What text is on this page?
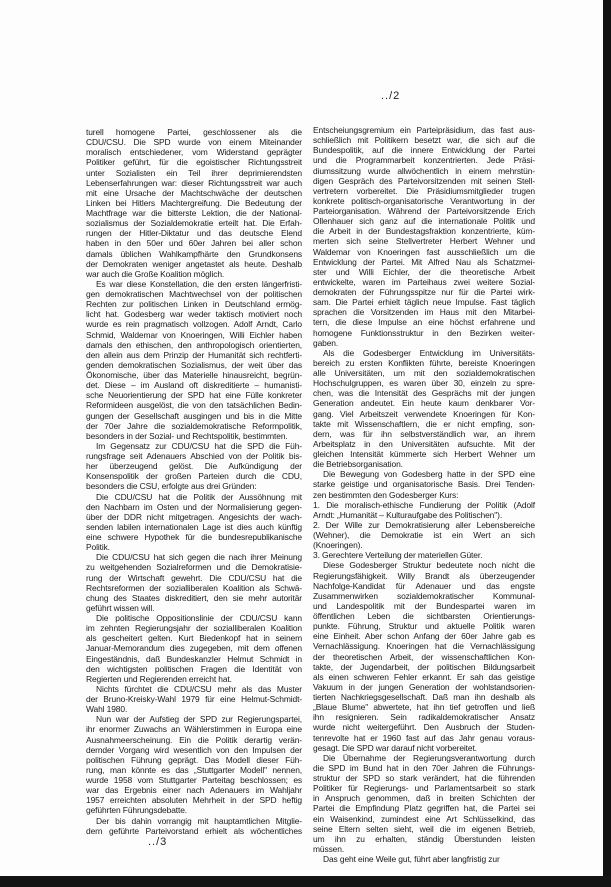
../2
turell homogene Partei, geschlossener als die
CDU/CSU. Die SPD wurde von einem Miteinander
moralisch entschiedener, vom Widerstand geprägter
Politiker geführt, für die egoistischer Richtungsstreit
unter Sozialisten ein Teil ihrer deprimierendsten
Lebenserfahrungen war: dieser Richtungsstreit war auch
mit eine Ursache der Machtschwäche der deutschen
Linken bei Hitlers Machtergreifung. Die Bedeutung der
Machtfrage war die bitterste Lektion, die der National-
sozialismus der Sozialdemokratie erteilt hat. Die Erfah-
rungen der Hitler-Diktatur und das deutsche Elend
haben in den 50er und 60er Jahren bei aller schon
damals üblichen Wahlkampfhärte den Grundkonsens
der Demokraten weniger angetastet als heute. Deshalb
war auch die Große Koalition möglich.
Es war diese Konstellation, die den ersten längerfristi-
gen demokratischen Machtwechsel von der politischen
Rechten zur politischen Linken in Deutschland ermög-
licht hat. Godesberg war weder taktisch motiviert noch
wurde es rein pragmatisch vollzogen. Adolf Arndt, Carlo
Schmid, Waldemar von Knoeringen, Willi Eichler haben
damals den ethischen, den anthropologisch orientierten,
den allein aus dem Prinzip der Humanität sich rechtferti-
genden demokratischen Sozialismus, der weit über das
Ökonomische, über das Materielle hinausreicht, begrün-
det. Diese – im Ausland oft diskreditierte – humanisti-
sche Neuorientierung der SPD hat eine Fülle konkreter
Reformideen ausgelöst, die von den tatsächlichen Bedin-
gungen der Gesellschaft ausgingen und bis in die Mitte
der 70er Jahre die sozialdemokratische Reformpolitik,
besonders in der Sozial- und Rechtspolitik, bestimmten.
Im Gegensatz zur CDU/CSU hat die SPD die Füh-
rungsfrage seit Adenauers Abschied von der Politik bis-
her überzeugend gelöst. Die Aufkündigung der
Konsenspolitik der großen Parteien durch die CDU,
besonders die CSU, erfolgte aus drei Gründen:
Die CDU/CSU hat die Politik der Aussöhnung mit
den Nachbarn im Osten und der Normalisierung gegen-
über der DDR nicht mitgetragen. Angesichts der wach-
senden labilen internationalen Lage ist dies auch künftig
eine schwere Hypothek für die bundesrepublikanische
Politik.
Die CDU/CSU hat sich gegen die nach ihrer Meinung
zu weitgehenden Sozialreformen und die Demokratisie-
rung der Wirtschaft gewehrt. Die CDU/CSU hat die
Rechtsreformen der sozialliberalen Koalition als Schwä-
chung des Staates diskreditiert, den sie mehr autoritär
geführt wissen will.
Die politische Oppositionslinie der CDU/CSU kann
im zehnten Regierungsjahr der sozialliberalen Koalition
als gescheitert gelten. Kurt Biedenkopf hat in seinem
Januar-Memorandum dies zugegeben, mit dem offenen
Eingeständnis, daß Bundeskanzler Helmut Schmidt in
den wichtigsten politischen Fragen die Identität von
Regierten und Regierenden erreicht hat.
Nichts fürchtet die CDU/CSU mehr als das Muster
der Bruno-Kreisky-Wahl 1979 für eine Helmut-Schmidt-
Wahl 1980.
Nun war der Aufstieg der SPD zur Regierungspartei,
ihr enormer Zuwachs an Wählerstimmen in Europa eine
Ausnahmeerscheinung. Ein die Politik derartig verän-
dernder Vorgang wird wesentlich von den Impulsen der
politischen Führung geprägt. Das Modell dieser Füh-
rung, man könnte es das „Stuttgarter Modell" nennen,
wurde 1958 vom Stuttgarter Parteitag beschlossen; es
war das Ergebnis einer nach Adenauers im Wahljahr
1957 erreichten absoluten Mehrheit in der SPD heftig
geführten Führungsdebatte.
Der bis dahin vorrangig mit hauptamtlichen Mitglie-
dern geführte Parteivorstand erhielt als wöchentliches
Entscheiungsgremium ein Parteipräsidium, das fast aus-
schließlich mit Politikern besetzt war, die sich auf die
Bundespolitik, auf die innere Entwicklung der Partei
und die Programmarbeit konzentrierten. Jede Präsi-
diumssitzung wurde allwöchentlich in einem mehrstün-
digen Gespräch des Parteivorsitzenden mit seinen Stell-
vertretern vorbereitet. Die Präsidiumsmitglieder trugen
konkrete politisch-organisatorische Verantwortung in der
Parteiorganisation. Während der Parteivorsitzende Erich
Ollenhauer sich ganz auf die internationale Politik und
die Arbeit in der Bundestagsfraktion konzentrierte, küm-
merten sich seine Stellvertreter Herbert Wehner und
Waldemar von Knoeringen fast ausschließlich um die
Entwicklung der Partei. Mit Alfred Nau als Schatzmei-
ster und Willi Eichler, der die theoretische Arbeit
entwickelte, waren im Parteihaus zwei weitere Sozial-
demokraten der Führungsspitze nur für die Partei wirk-
sam. Die Partei erhielt täglich neue Impulse. Fast täglich
sprachen die Vorsitzenden im Haus mit den Mitarbei-
tern, die diese Impulse an eine höchst erfahrene und
homogene Funktionsstruktur in den Bezirken weiter-
gaben.
Als die Godesberger Entwicklung im Universitäts-
bereich zu ersten Konflikten führte, bereiste Knoeringen
alle Universitäten, um mit den sozialdemokratischen
Hochschulgruppen, es waren über 30, einzeln zu spre-
chen, was die Intensität des Gesprächs mit der jungen
Generation andeutet. Ein heute kaum denkbarer Vor-
gang. Viel Arbeitszeit verwendete Knoeringen für Kon-
takte mit Wissenschaftlern, die er nicht empfing, son-
dern, was für ihn selbstverständlich war, an ihrem
Arbeitsplatz in den Universitäten aufsuchte. Mit der
gleichen Intensität kümmerte sich Herbert Wehner um
die Betriebsorganisation.
Die Bewegung von Godesberg hatte in der SPD eine
starke geistige und organisatorische Basis. Drei Tenden-
zen bestimmten den Godesberger Kurs:
1. Die moralisch-ethische Fundierung der Politik (Adolf
Arndt: „Humanität – Kulturaufgabe des Politischen").
2. Der Wille zur Demokratisierung aller Lebensbereiche
(Wehner), die Demokratie ist ein Wert an sich
(Knoeringen).
3. Gerechtere Verteilung der materiellen Güter.
Diese Godesberger Struktur bedeutete noch nicht die
Regierungsfähigkeit. Willy Brandt als überzeugender
Nachfolge-Kandidat für Adenauer und das engste
Zusammenwirken sozialdemokratischer Kommunal-
und Landespolitik mit der Bundespartei waren im
öffentlichen Leben die sichtbarsten Orientierungs-
punkte. Führung, Struktur und aktuelle Politik waren
eine Einheit. Aber schon Anfang der 60er Jahre gab es
Vernachlässigung. Knoeringen hat die Vernachlässigung
der theoretischen Arbeit, der wissenschaftlichen Kon-
takte, der Jugendarbeit, der politischen Bildungsarbeit
als einen schweren Fehler erkannt. Er sah das geistige
Vakuum in der jungen Generation der wohlstandsorien-
tierten Nachkriegsgesellschaft. Daß man ihn deshalb als
„Blaue Blume" abwertete, hat ihn tief getroffen und ließ
ihn resignieren. Sein radikaldemokratischer Ansatz
wurde nicht weitergeführt. Den Ausbruch der Studen-
tenrevolte hat er 1960 fast auf das Jahr genau voraus-
gesagt. Die SPD war darauf nicht vorbereitet.
Die Übernahme der Regierungsverantwortung durch
die SPD im Bund hat in den 70er Jahren die Führungs-
struktur der SPD so stark verändert, hat die führenden
Politiker für Regierungs- und Parlamentsarbeit so stark
in Anspruch genommen, daß in breiten Schichten der
Partei die Empfindung Platz gegriffen hat, die Partei sei
ein Waisenkind, zumindest eine Art Schlüsselkind, das
seine Eltern selten sieht, weil die im eigenen Betrieb,
um ihn zu erhalten, ständig Überstunden leisten
müssen.
Das geht eine Weile gut, führt aber langfristig zur
../3
